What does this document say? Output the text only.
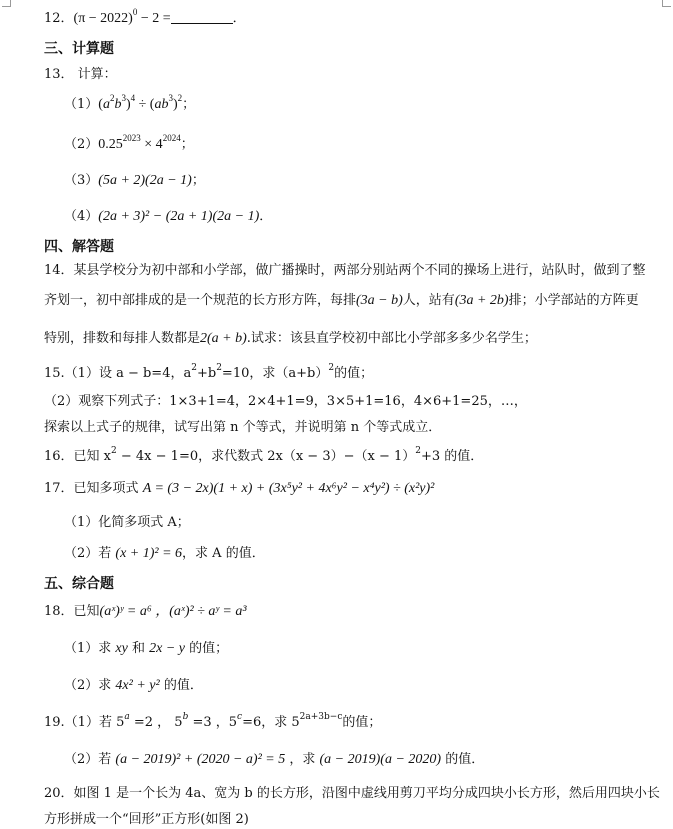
12．$(\pi - 2022)^0 - 2$ =	．
三、计算题
13． 计算：
$(1)(a^2b^3)^4 \div (ab^3)^2$；
$(2)0.25^{2023} \times 4^{2024}$；
（3）(5a + 2)(2a − 1)；
（4）(2a + 3)² − (2a + 1)(2a − 1)．
四、解答题
14．某县学校分为初中部和小学部，做广播操时，两部分别站两个不同的操场上进行，站队时，做到了整
齐划一，初中部排成的是一个规范的长方形方阵，每排(3a − b)人，站有(3a + 2b)排；小学部站的方阵更
特别，排数和每排人数都是2(a + b).试求：该县直学校初中部比小学部多多少名学生；
15.（1）设 a − b=4，$a^2+b^2=10$，求$(a+b)^2$的值；
（2）观察下列式子：1×3+1=4，2×4+1=9，3×5+1=16，4×6+1=25，…，
探索以上式子的规律，试写出第 n 个等式，并说明第 n 个等式成立．
16．已知 $x^2 - 4x - 1=0$，求代数式 $2x(x - 3)-(x - 1)^2+3$ 的值．
17．已知多项式 A = (3 − 2x)(1 + x) + (3x⁵y² + 4x⁶y² − x⁴y²) ÷ (x²y)²
（1）化简多项式 A；
（2）若 (x + 1)² = 6，求 A 的值．
五、综合题
18．已知(aˣ)ʸ = a⁶ ，(aˣ)² ÷ aʸ = a³
（1）求 xy 和 2x − y 的值；
（2）求 4x² + y² 的值．
19.（1）若 $5^a =2$ ， $5^b =3$ ，$5^c=6$，求 $5^{2a+3b-c}$的值；
（2）若 (a − 2019)² + (2020 − a)² = 5 ，求 (a − 2019)(a − 2020) 的值．
20．如图 1 是一个长为 4a、宽为 b 的长方形，沿图中虚线用剪刀平均分成四块小长方形，然后用四块小长
方形拼成一个“回形”正方形(如图 2)
